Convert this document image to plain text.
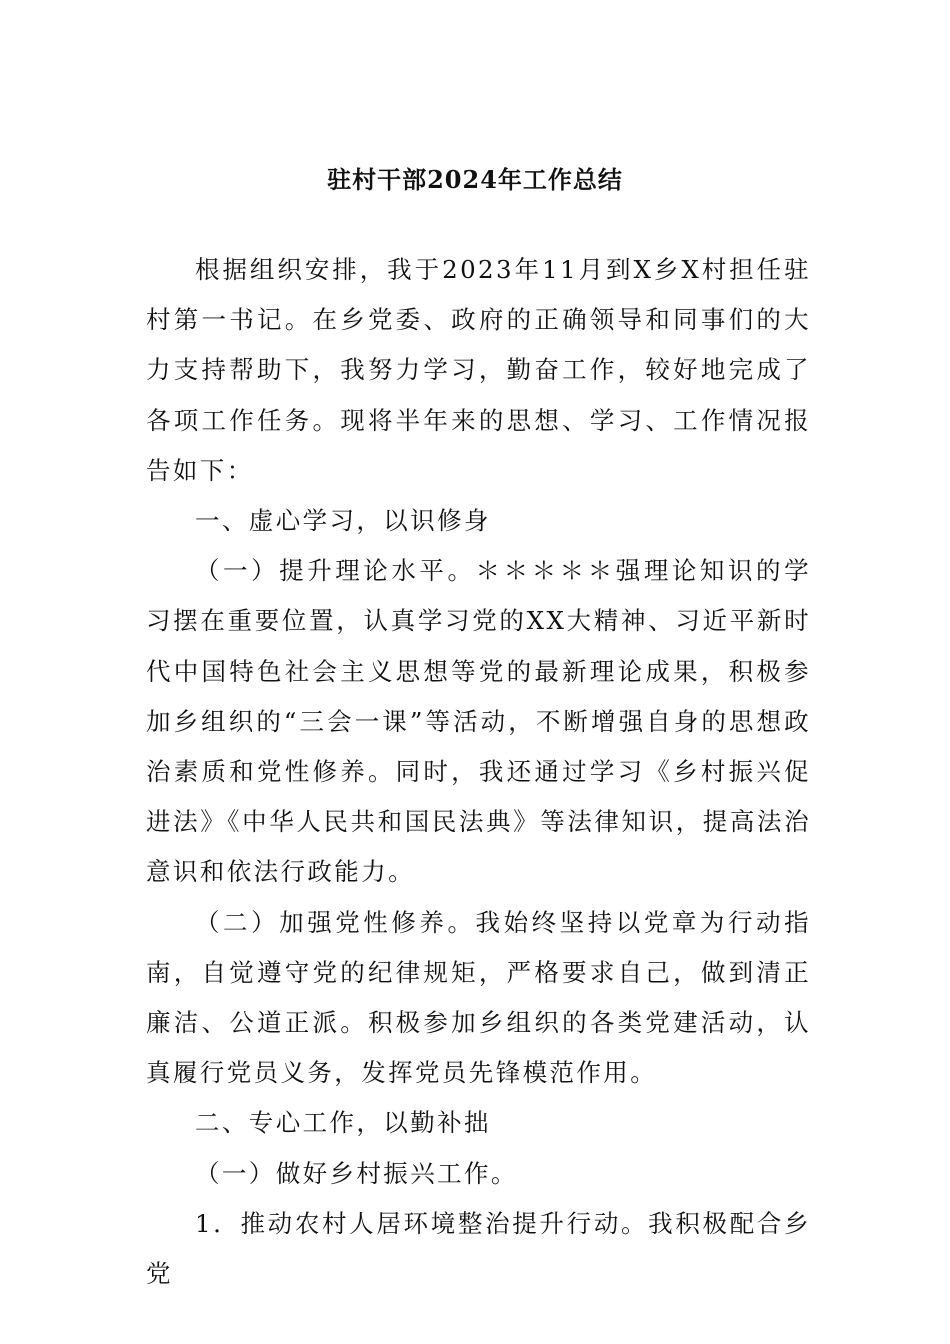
驻村干部2024年工作总结

根据组织安排，我于2023年11月到X乡X村担任驻村第一书记。在乡党委、政府的正确领导和同事们的大力支持帮助下，我努力学习，勤奋工作，较好地完成了各项工作任务。现将半年来的思想、学习、工作情况报告如下：

一、虚心学习，以识修身

（一）提升理论水平。＊＊＊＊＊强理论知识的学习摆在重要位置，认真学习党的XX大精神、习近平新时代中国特色社会主义思想等党的最新理论成果，积极参加乡组织的“三会一课”等活动，不断增强自身的思想政治素质和党性修养。同时，我还通过学习《乡村振兴促进法》《中华人民共和国民法典》等法律知识，提高法治意识和依法行政能力。

（二）加强党性修养。我始终坚持以党章为行动指南，自觉遵守党的纪律规矩，严格要求自己，做到清正廉洁、公道正派。积极参加乡组织的各类党建活动，认真履行党员义务，发挥党员先锋模范作用。

二、专心工作，以勤补拙

（一）做好乡村振兴工作。

1．推动农村人居环境整治提升行动。我积极配合乡党
